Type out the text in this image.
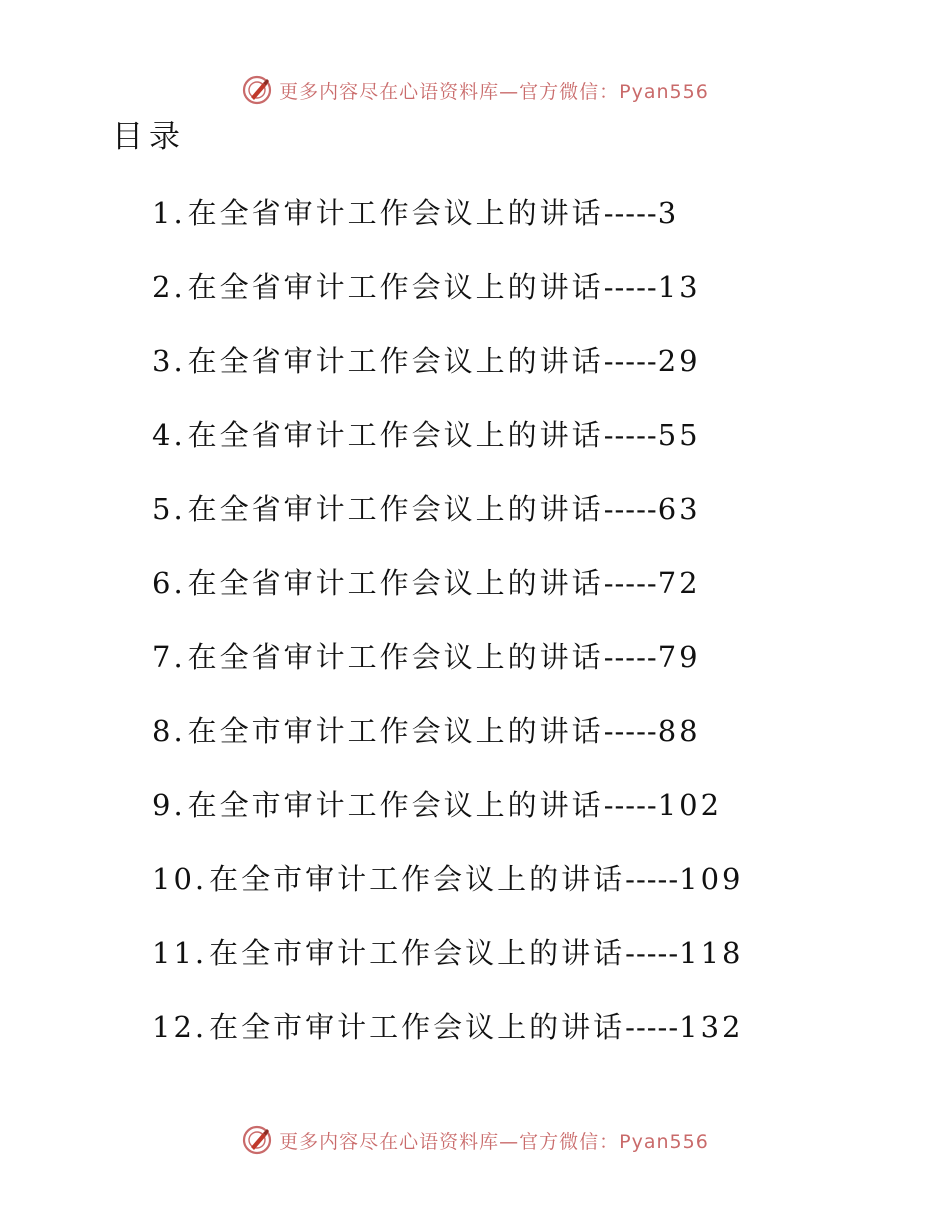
更多内容尽在心语资料库—官方微信：Pyan556
目录
1. 在全省审计工作会议上的讲话 ----- 3
2. 在全省审计工作会议上的讲话 ----- 13
3. 在全省审计工作会议上的讲话 ----- 29
4. 在全省审计工作会议上的讲话 ----- 55
5. 在全省审计工作会议上的讲话 ----- 63
6. 在全省审计工作会议上的讲话 ----- 72
7. 在全省审计工作会议上的讲话 ----- 79
8. 在全市审计工作会议上的讲话 ----- 88
9. 在全市审计工作会议上的讲话 ----- 102
10. 在全市审计工作会议上的讲话 ----- 109
11. 在全市审计工作会议上的讲话 ----- 118
12. 在全市审计工作会议上的讲话 ----- 132
更多内容尽在心语资料库—官方微信：Pyan556
